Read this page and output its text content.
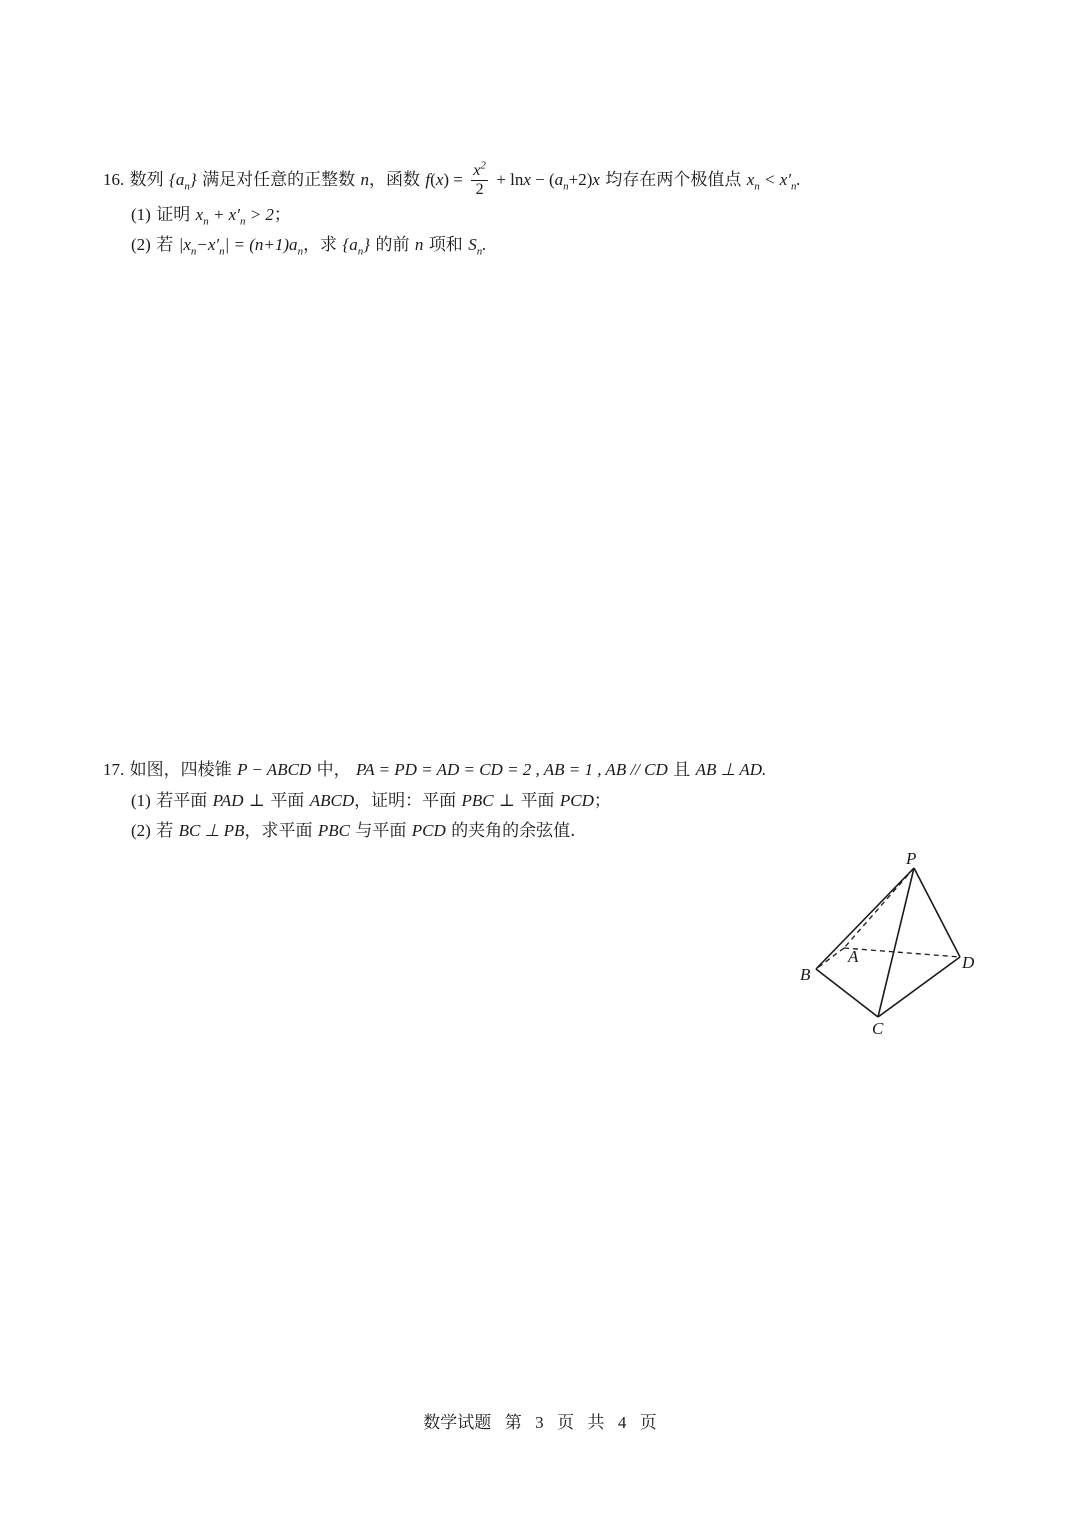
16. 数列 $\{a_n\}$ 满足对任意的正整数 n，函数 $f(x) = \frac{x^2}{2} + \ln x - (a_n+2)x$ 均存在两个极值点 $x_n < x'_n$.
(1) 证明 $x_n + x'_n > 2$；
(2) 若 $|x_n-x'_n| = (n+1)a_n$，求 $\{a_n\}$ 的前 n 项和 $S_n$.
17. 如图，四棱锥 P − ABCD 中， PA = PD = AD = CD = 2 , AB = 1 , AB // CD 且 AB ⊥ AD.
(1) 若平面 PAD ⊥ 平面 ABCD，证明：平面 PBC ⊥ 平面 PCD；
(2) 若 BC ⊥ PB，求平面 PBC 与平面 PCD 的夹角的余弦值.
P
A
B
C
D
数学试题 第 3 页 共 4 页
